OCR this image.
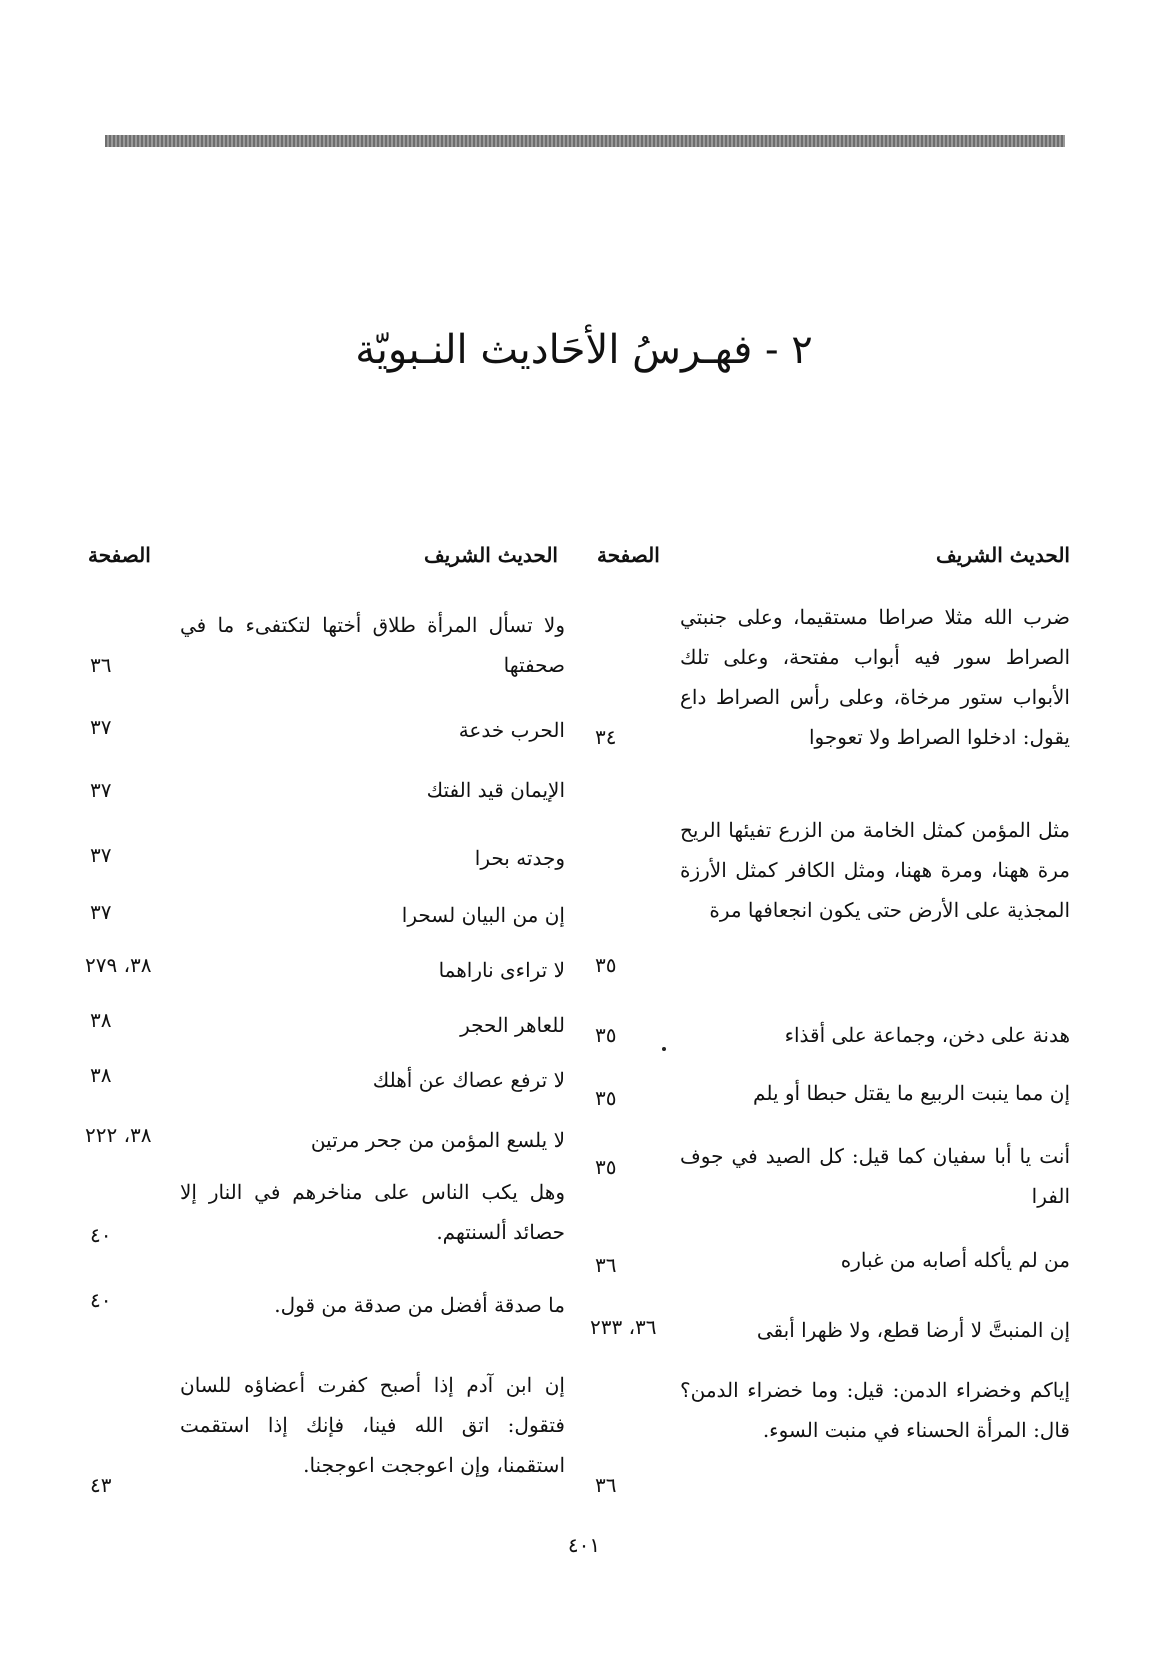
٢ - فهـرسُ الأحَاديث النـبويّة
الحديث الشريف
الصفحة
الحديث الشريف
الصفحة
ضرب الله مثلا صراطا مستقيما، وعلى جنبتي الصراط سور فيه أبواب مفتحة، وعلى تلك الأبواب ستور مرخاة، وعلى رأس الصراط داع يقول: ادخلوا الصراط ولا تعوجوا
٣٤
مثل المؤمن كمثل الخامة من الزرع تفيئها الريح مرة ههنا، ومرة ههنا، ومثل الكافر كمثل الأرزة المجذية على الأرض حتى يكون انجعافها مرة
٣٥
هدنة على دخن، وجماعة على أقذاء
٣٥
إن مما ينبت الربيع ما يقتل حبطا أو يلم
٣٥
أنت يا أبا سفيان كما قيل: كل الصيد في جوف الفرا
٣٥
من لم يأكله أصابه من غباره
٣٦
إن المنبتَّ لا أرضا قطع، ولا ظهرا أبقى
٣٦، ٢٣٣
إياكم وخضراء الدمن: قيل: وما خضراء الدمن؟ قال: المرأة الحسناء في منبت السوء.
٣٦
ولا تسأل المرأة طلاق أختها لتكتفىء ما في صحفتها
٣٦
الحرب خدعة
٣٧
الإيمان قيد الفتك
٣٧
وجدته بحرا
٣٧
إن من البيان لسحرا
٣٧
لا تراءى ناراهما
٣٨، ٢٧٩
للعاهر الحجر
٣٨
لا ترفع عصاك عن أهلك
٣٨
لا يلسع المؤمن من جحر مرتين
٣٨، ٢٢٢
وهل يكب الناس على مناخرهم في النار إلا حصائد ألسنتهم.
٤٠
ما صدقة أفضل من صدقة من قول.
٤٠
إن ابن آدم إذا أصبح كفرت أعضاؤه للسان فتقول: اتق الله فينا، فإنك إذا استقمت استقمنا، وإن اعوججت اعوججنا.
٤٣
٤٠١
